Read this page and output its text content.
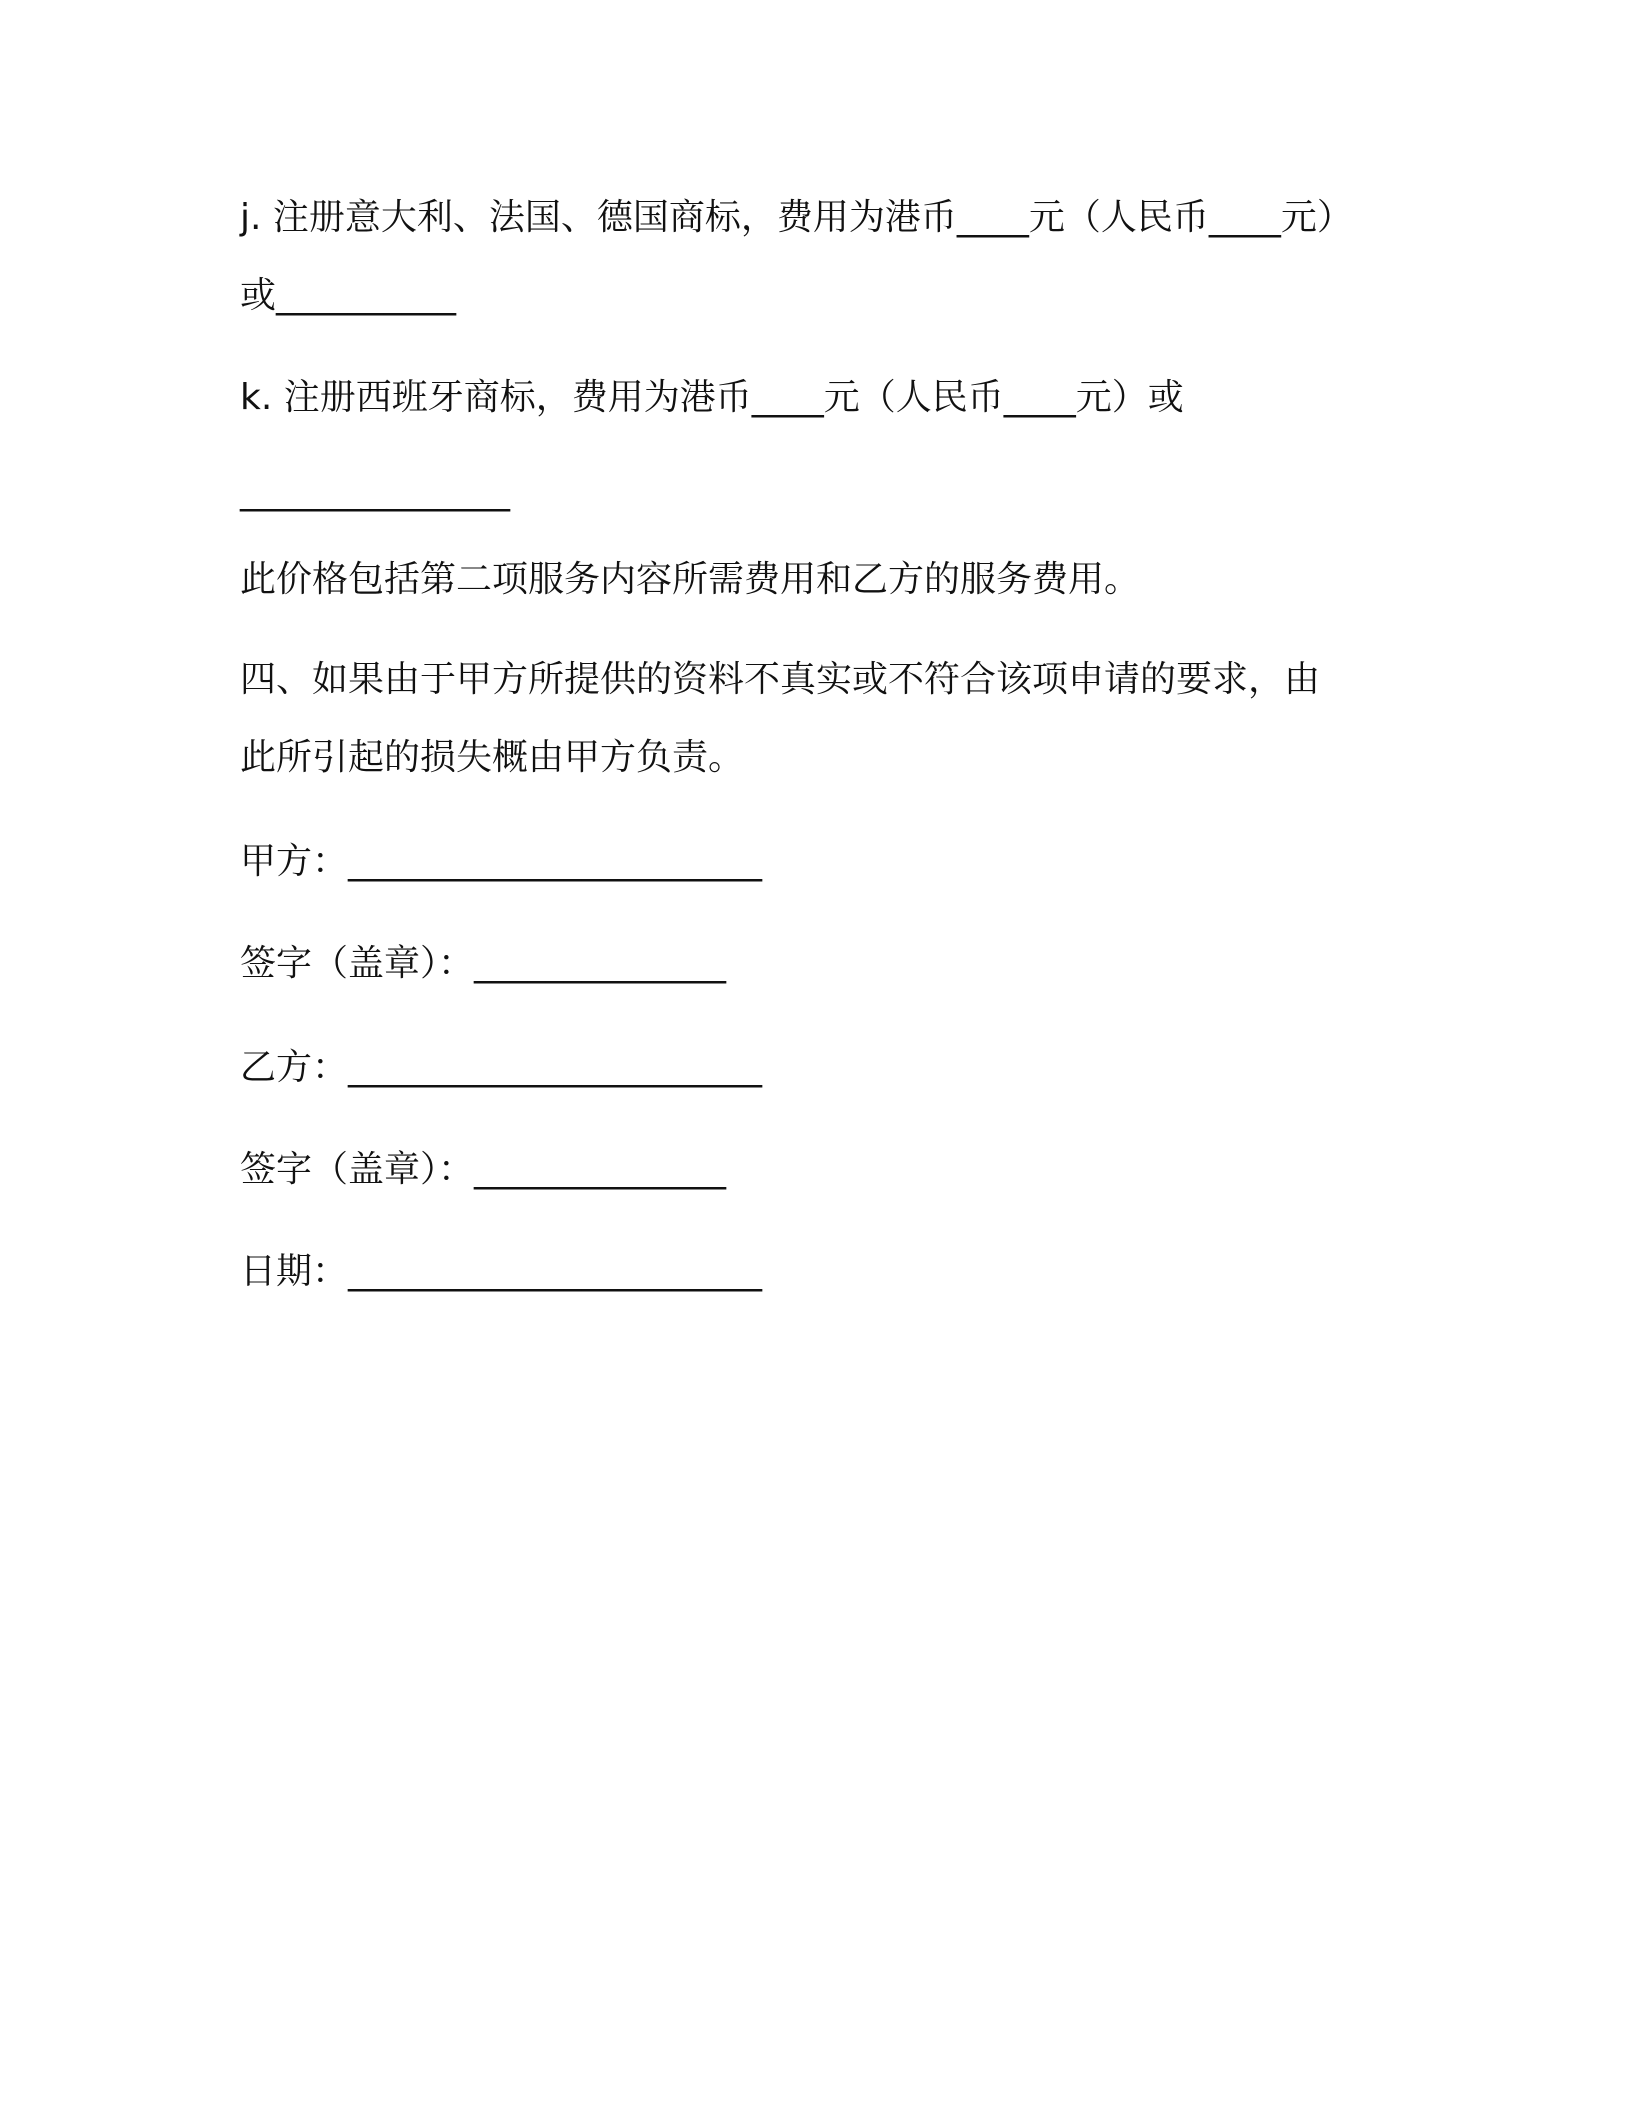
j. 注册意大利、法国、德国商标，费用为港币____元（人民币____元）
或__________
k. 注册西班牙商标，费用为港币____元（人民币____元）或
_______________
此价格包括第二项服务内容所需费用和乙方的服务费用。
四、如果由于甲方所提供的资料不真实或不符合该项申请的要求，由
此所引起的损失概由甲方负责。
甲方：_______________________
签字（盖章）：______________
乙方：_______________________
签字（盖章）：______________
日期：_______________________
